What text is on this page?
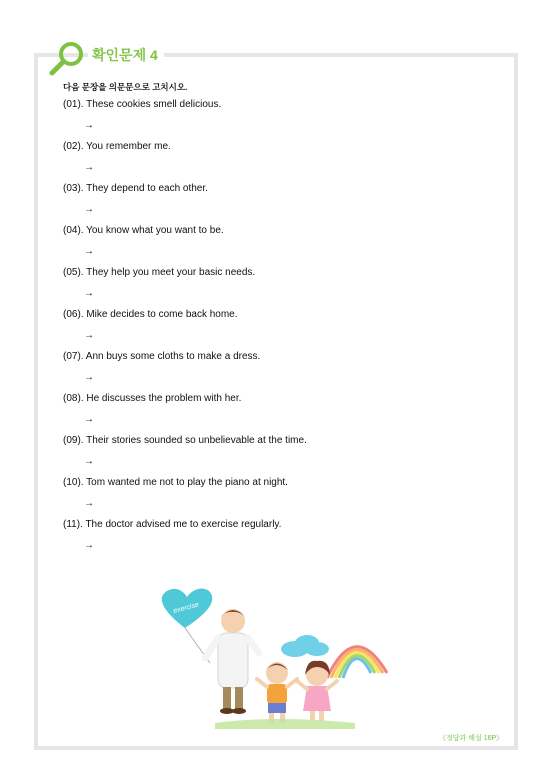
확인문제 4
다음 문장을 의문문으로 고치시오.
(01). These cookies smell delicious.
→
(02). You remember me.
→
(03). They depend to each other.
→
(04). You know what you want to be.
→
(05). They help you meet your basic needs.
→
(06). Mike decides to come back home.
→
(07). Ann buys some cloths to make a dress.
→
(08). He discusses the problem with her.
→
(09). Their stories sounded so unbelievable at the time.
→
(10). Tom wanted me not to play the piano at night.
→
(11). The doctor advised me to exercise regularly.
→
exercise
《정답과 해설 16P》
